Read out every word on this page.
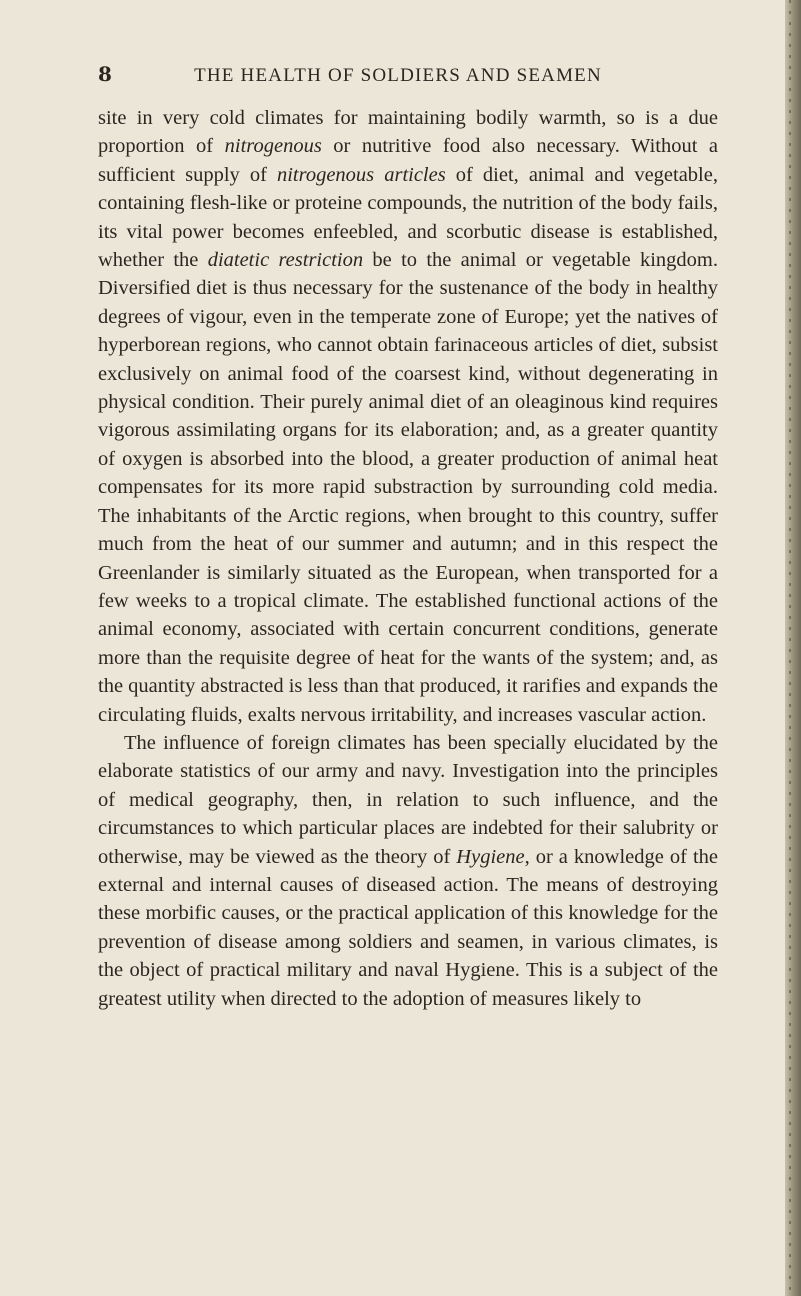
8	THE HEALTH OF SOLDIERS AND SEAMEN

site in very cold climates for maintaining bodily warmth, so is a due proportion of nitrogenous or nutritive food also necessary. Without a sufficient supply of nitrogenous articles of diet, animal and vegetable, containing flesh-like or proteine compounds, the nutrition of the body fails, its vital power becomes enfeebled, and scorbutic disease is established, whether the diatetic restriction be to the animal or vegetable kingdom. Diversified diet is thus necessary for the sustenance of the body in healthy degrees of vigour, even in the temperate zone of Europe; yet the natives of hyperborean regions, who cannot obtain farinaceous articles of diet, subsist exclusively on animal food of the coarsest kind, without degenerating in physical condition. Their purely animal diet of an oleaginous kind requires vigorous assimilating organs for its elaboration; and, as a greater quantity of oxygen is absorbed into the blood, a greater production of animal heat compensates for its more rapid substraction by surrounding cold media. The inhabitants of the Arctic regions, when brought to this country, suffer much from the heat of our summer and autumn; and in this respect the Greenlander is similarly situated as the European, when transported for a few weeks to a tropical climate. The established functional actions of the animal economy, associated with certain concurrent conditions, generate more than the requisite degree of heat for the wants of the system; and, as the quantity abstracted is less than that produced, it rarifies and expands the circulating fluids, exalts nervous irritability, and increases vascular action.

The influence of foreign climates has been specially elucidated by the elaborate statistics of our army and navy. Investigation into the principles of medical geography, then, in relation to such influence, and the circumstances to which particular places are indebted for their salubrity or otherwise, may be viewed as the theory of Hygiene, or a knowledge of the external and internal causes of diseased action. The means of destroying these morbific causes, or the practical application of this knowledge for the prevention of disease among soldiers and seamen, in various climates, is the object of practical military and naval Hygiene. This is a subject of the greatest utility when directed to the adoption of measures likely to
